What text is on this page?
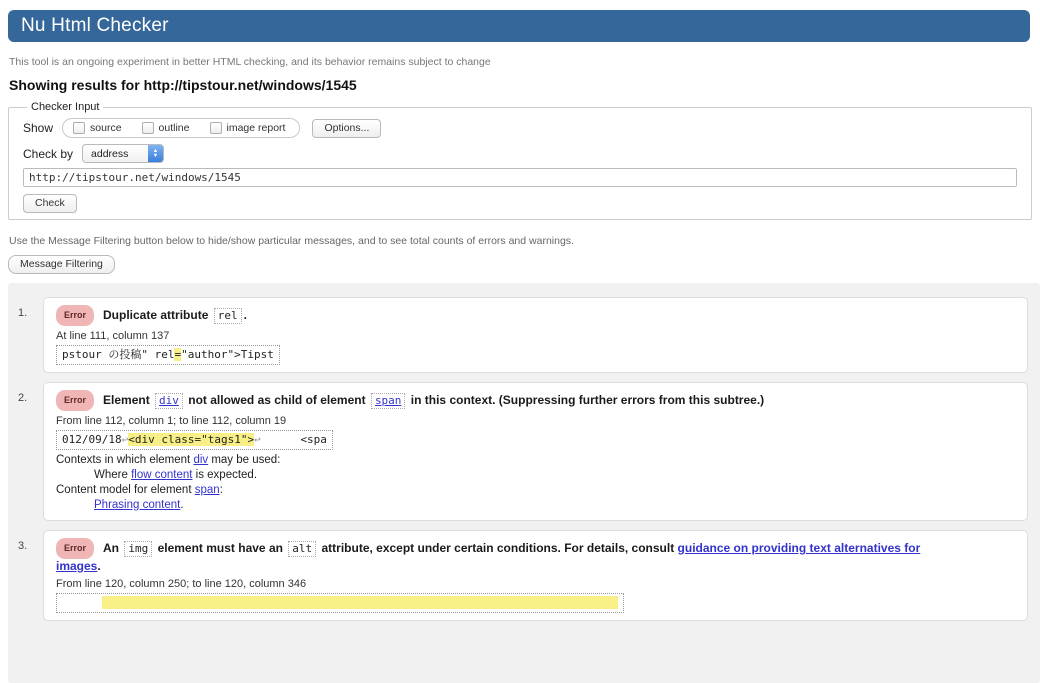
Nu Html Checker

This tool is an ongoing experiment in better HTML checking, and its behavior remains subject to change

Showing results for http://tipstour.net/windows/1545
Checker Input
Show	source	outline	image report	Options...
Check by address	▲
▼
http://tipstour.net/windows/1545
Check

Use the Message Filtering button below to hide/show particular messages, and to see total counts of errors and warnings.

Message Filtering
1.	Error Duplicate attribute rel .
At line 111, column 137
pstour の投稿" rel="author">Tipst
2.	Error Element div not allowed as child of element span in this context. (Suppressing further errors from this subtree.)
From line 112, column 1; to line 112, column 19
012/09/18↩<div class="tags1">↩      <spa
Contexts in which element div may be used:
Where flow content is expected.
Content model for element span:
Phrasing content.
3.	Error An img element must have an alt attribute, except under certain conditions. For details, consult guidance on providing text alternatives for
images.
From line 120, column 250; to line 120, column 346
